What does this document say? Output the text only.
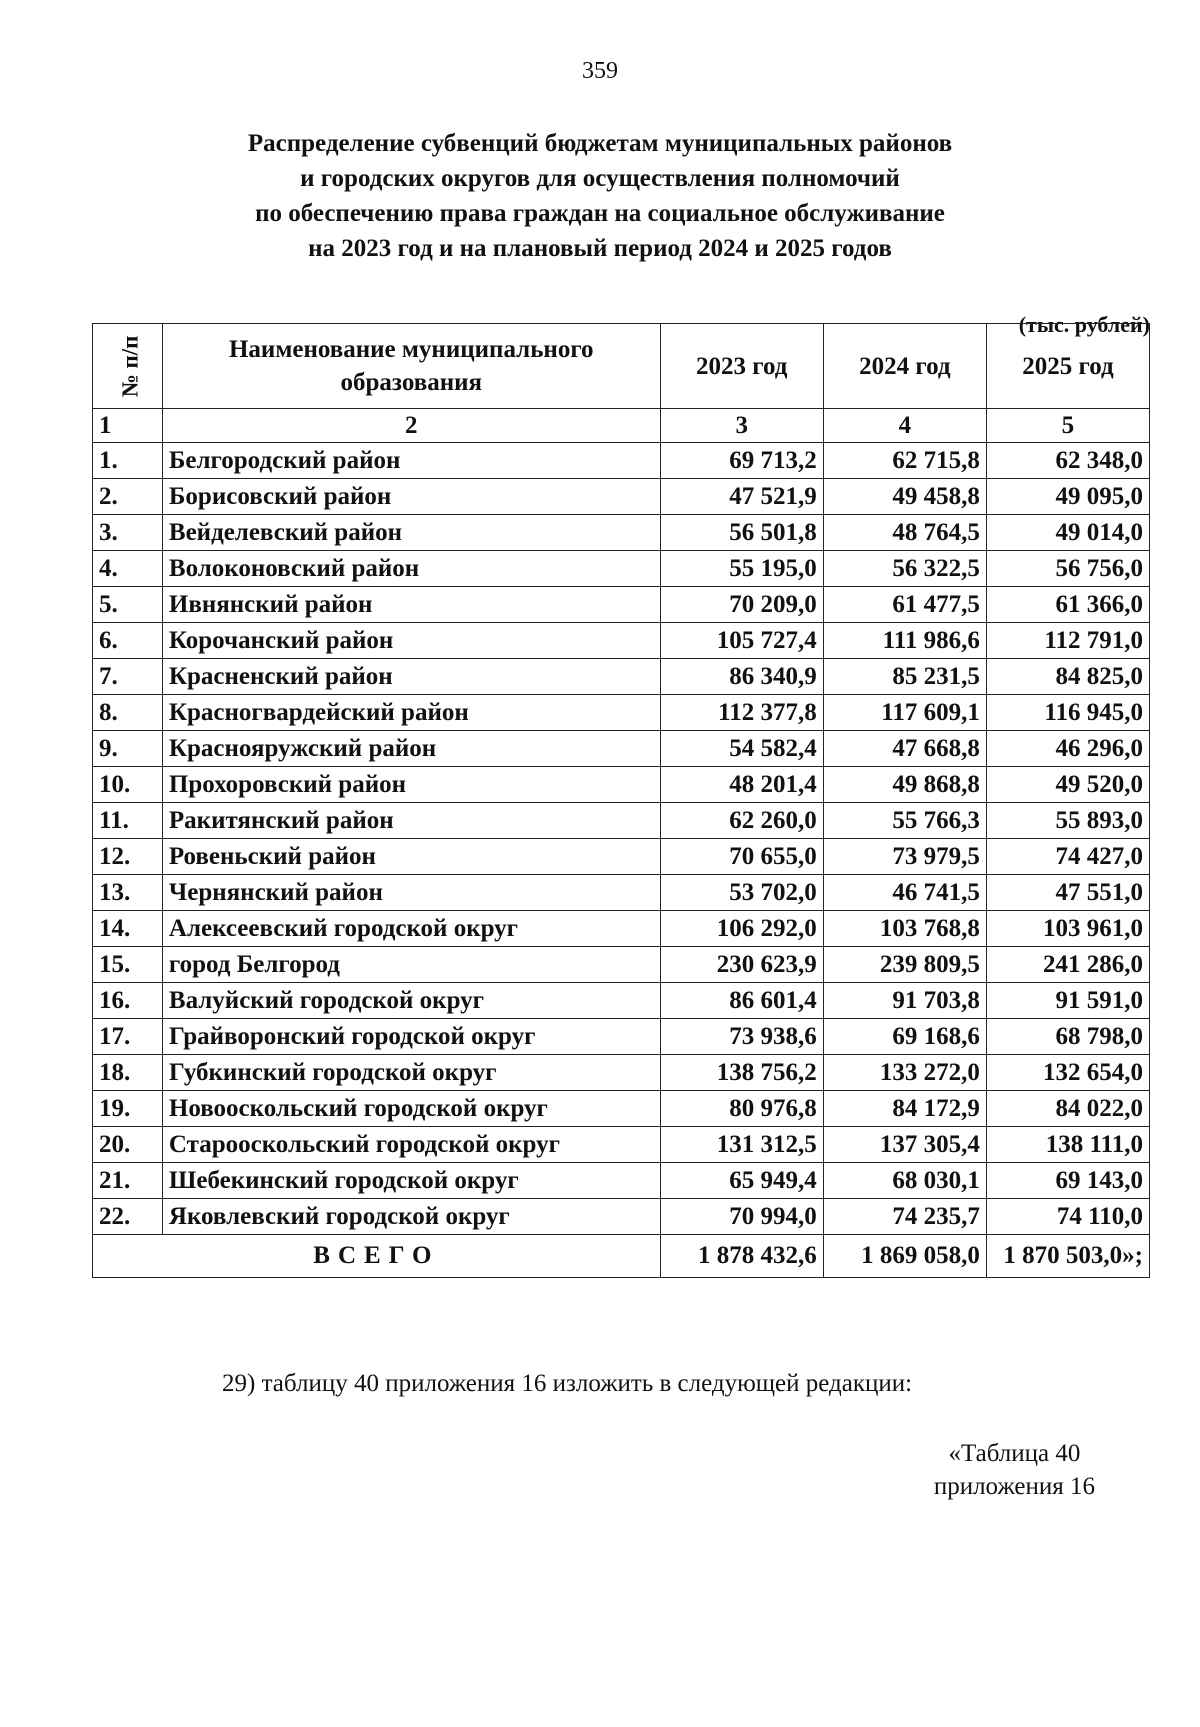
359
Распределение субвенций бюджетам муниципальных районов
и городских округов для осуществления полномочий
по обеспечению права граждан на социальное обслуживание
на 2023 год и на плановый период 2024 и 2025 годов
(тыс. рублей)
№ п/п	Наименование муниципального образования	2023 год	2024 год	2025 год
1	2	3	4	5
1.	Белгородский район	69 713,2	62 715,8	62 348,0
2.	Борисовский район	47 521,9	49 458,8	49 095,0
3.	Вейделевский район	56 501,8	48 764,5	49 014,0
4.	Волоконовский район	55 195,0	56 322,5	56 756,0
5.	Ивнянский район	70 209,0	61 477,5	61 366,0
6.	Корочанский район	105 727,4	111 986,6	112 791,0
7.	Красненский район	86 340,9	85 231,5	84 825,0
8.	Красногвардейский район	112 377,8	117 609,1	116 945,0
9.	Краснояружский район	54 582,4	47 668,8	46 296,0
10.	Прохоровский район	48 201,4	49 868,8	49 520,0
11.	Ракитянский район	62 260,0	55 766,3	55 893,0
12.	Ровеньский район	70 655,0	73 979,5	74 427,0
13.	Чернянский район	53 702,0	46 741,5	47 551,0
14.	Алексеевский городской округ	106 292,0	103 768,8	103 961,0
15.	город Белгород	230 623,9	239 809,5	241 286,0
16.	Валуйский городской округ	86 601,4	91 703,8	91 591,0
17.	Грайворонский городской округ	73 938,6	69 168,6	68 798,0
18.	Губкинский городской округ	138 756,2	133 272,0	132 654,0
19.	Новооскольский городской округ	80 976,8	84 172,9	84 022,0
20.	Старооскольский городской округ	131 312,5	137 305,4	138 111,0
21.	Шебекинский городской округ	65 949,4	68 030,1	69 143,0
22.	Яковлевский городской округ	70 994,0	74 235,7	74 110,0
ВСЕГО		1 878 432,6	1 869 058,0	1 870 503,0»;
29) таблицу 40 приложения 16 изложить в следующей редакции:
«Таблица 40
приложения 16
